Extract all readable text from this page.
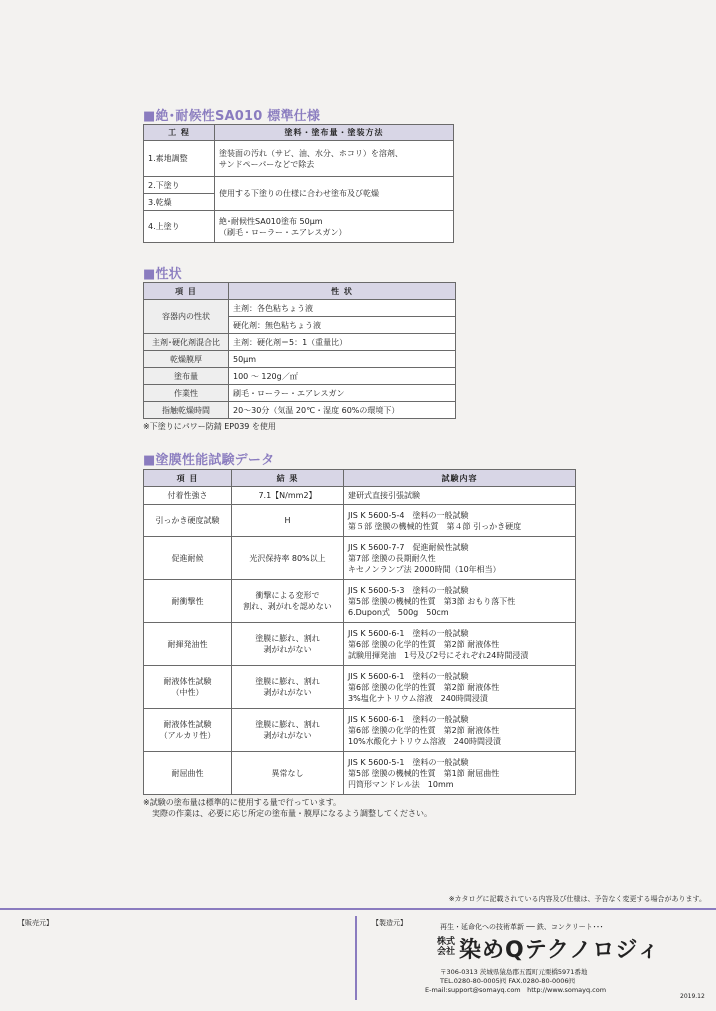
■絶･耐候性SA010 標準仕様
工 程	塗料・塗布量・塗装方法
1.素地調整	塗装面の汚れ（サビ、油、水分、ホコリ）を溶剤、
サンドペーパーなどで除去
2.下塗り	使用する下塗りの仕様に合わせ塗布及び乾燥
3.乾燥	
4.上塗り	絶･耐候性SA010塗布 50μm
（刷毛・ローラー・エアレスガン）
■性状
項 目	性 状
容器内の性状	主剤：各色粘ちょう液
	硬化剤：無色粘ちょう液
主剤･硬化剤混合比	主剤：硬化剤＝5：1（重量比）
乾燥膜厚	50μm
塗布量	100 ～ 120g／㎡
作業性	刷毛・ローラー・エアレスガン
指触乾燥時間	20～30分（気温 20℃・湿度 60%の環境下）
※下塗りにパワー防錆 EP039 を使用
■塗膜性能試験データ
項 目	結 果	試験内容
付着性強さ	7.1【N/mm2】	建研式直接引張試験
引っかき硬度試験	H	JIS K 5600-5-4　塗料の一般試験
第５部 塗膜の機械的性質　第４節 引っかき硬度
促進耐候	光沢保持率 80%以上	JIS K 5600-7-7　促進耐候性試験
第7部 塗膜の長期耐久性
キセノンランプ法 2000時間（10年相当）
耐衝撃性	衝撃による変形で
割れ、剥がれを認めない	JIS K 5600-5-3　塗料の一般試験
第5部 塗膜の機械的性質　第3節 おもり落下性
6.Dupon式　500g　50cm
耐揮発油性	塗膜に膨れ、割れ
剥がれがない	JIS K 5600-6-1　塗料の一般試験
第6部 塗膜の化学的性質　第2節 耐液体性
試験用揮発油　1号及び2号にそれぞれ24時間浸漬
耐液体性試験
（中性）	塗膜に膨れ、割れ
剥がれがない	JIS K 5600-6-1　塗料の一般試験
第6部 塗膜の化学的性質　第2節 耐液体性
3%塩化ナトリウム溶液　240時間浸漬
耐液体性試験
（アルカリ性）	塗膜に膨れ、割れ
剥がれがない	JIS K 5600-6-1　塗料の一般試験
第6部 塗膜の化学的性質　第2節 耐液体性
10%水酸化ナトリウム溶液　240時間浸漬
耐屈曲性	異常なし	JIS K 5600-5-1　塗料の一般試験
第5部 塗膜の機械的性質　第1節 耐屈曲性
円筒形マンドレル法　10mm
※試験の塗布量は標準的に使用する量で行っています。
実際の作業は、必要に応じ所定の塗布量・膜厚になるよう調整してください。
※カタログに記載されている内容及び仕様は、予告なく変更する場合があります。
【販売元】	【製造元】	再生・延命化への技術革新 ── 鉄、コンクリート･･･
株式会社 染めQテクノロジィ
〒306-0313 茨城県猿島郡五霞町元栗橋5971番地
TEL.0280-80-0005㈹ FAX.0280-80-0006㈹
E-mail:support@somayq.com　http://www.somayq.com
2019.12
